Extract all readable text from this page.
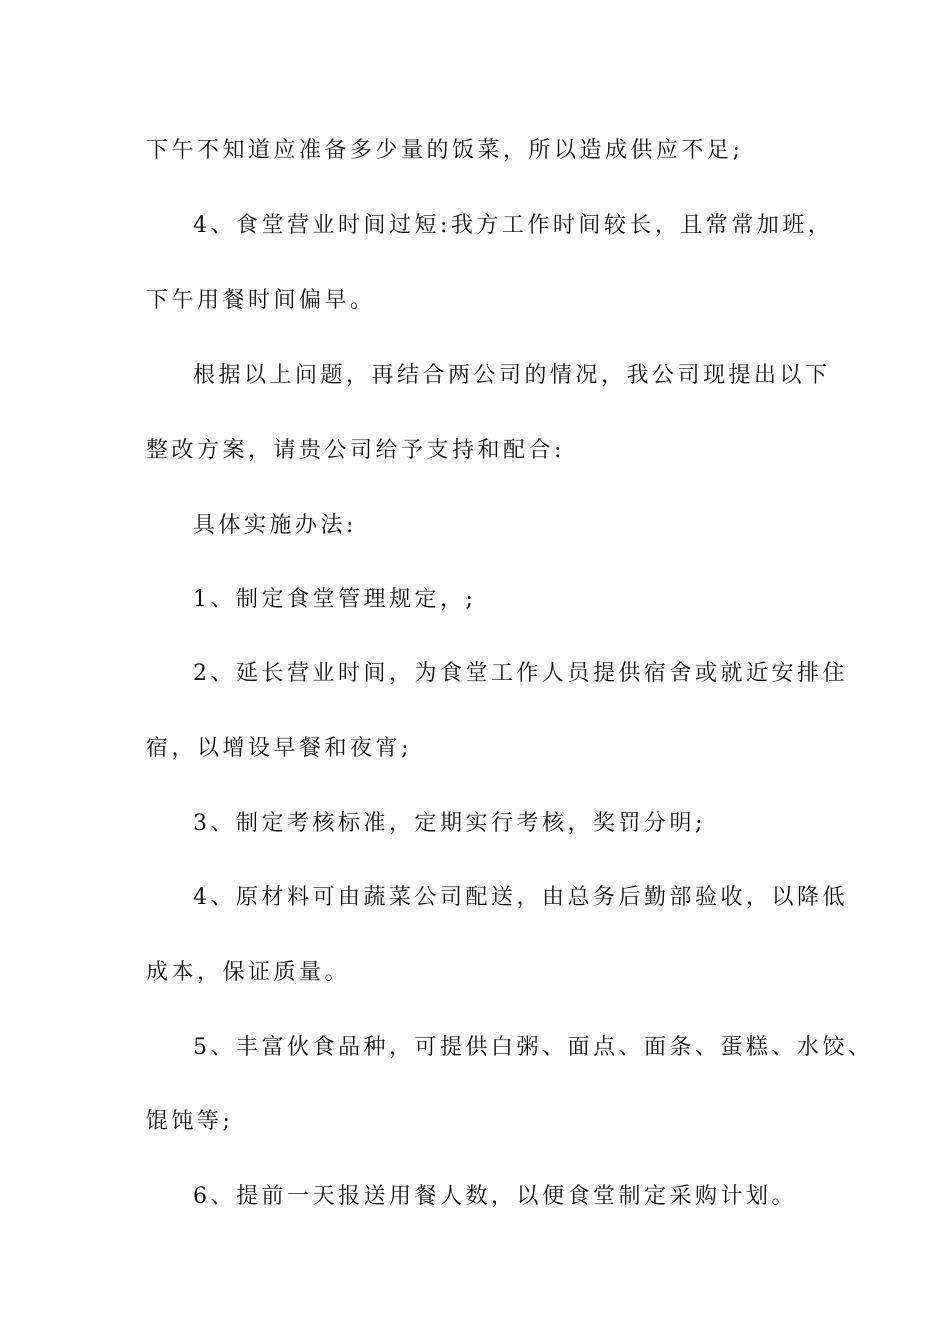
下午不知道应准备多少量的饭菜，所以造成供应不足;
4、食堂营业时间过短:我方工作时间较长，且常常加班，
下午用餐时间偏早。
根据以上问题，再结合两公司的情况，我公司现提出以下
整改方案，请贵公司给予支持和配合:
具体实施办法:
1、制定食堂管理规定，;
2、延长营业时间，为食堂工作人员提供宿舍或就近安排住
宿，以增设早餐和夜宵;
3、制定考核标准，定期实行考核，奖罚分明;
4、原材料可由蔬菜公司配送，由总务后勤部验收，以降低
成本，保证质量。
5、丰富伙食品种，可提供白粥、面点、面条、蛋糕、水饺、
馄饨等;
6、提前一天报送用餐人数，以便食堂制定采购计划。
